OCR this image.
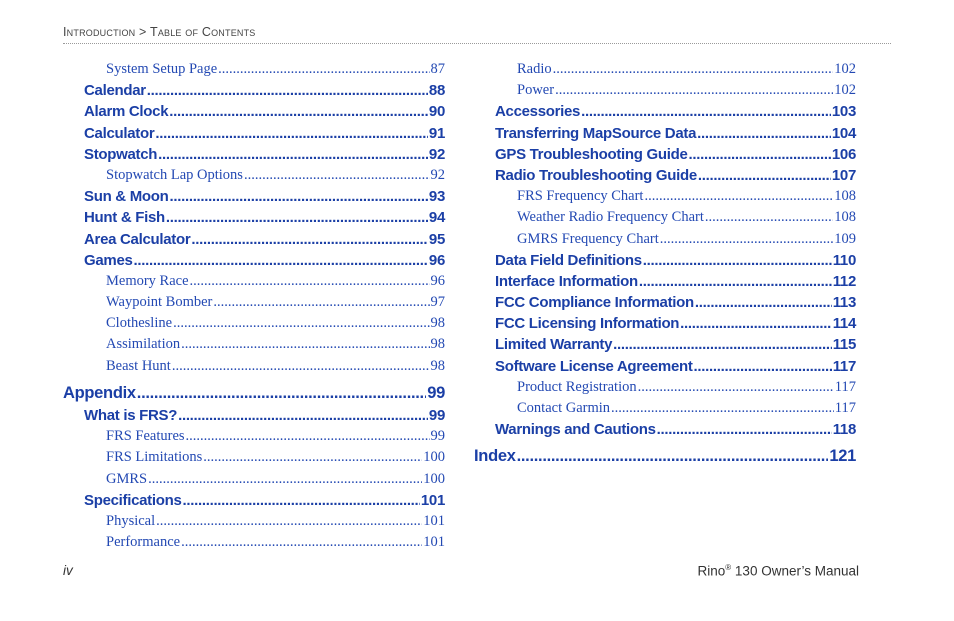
Introduction > Table of Contents
System Setup Page .....	87
Calendar .....	88
Alarm Clock .....	90
Calculator .....	91
Stopwatch .....	92
Stopwatch Lap Options .....	92
Sun & Moon .....	93
Hunt & Fish .....	94
Area Calculator .....	95
Games .....	96
Memory Race .....	96
Waypoint Bomber .....	97
Clothesline .....	98
Assimilation .....	98
Beast Hunt .....	98
Appendix .....	99
What is FRS? .....	99
FRS Features .....	99
FRS Limitations .....	100
GMRS .....	100
Specifications .....	101
Physical .....	101
Performance .....	101
Radio .....	102
Power .....	102
Accessories .....	103
Transferring MapSource Data .....	104
GPS Troubleshooting Guide .....	106
Radio Troubleshooting Guide .....	107
FRS Frequency Chart .....	108
Weather Radio Frequency Chart .....	108
GMRS Frequency Chart .....	109
Data Field Definitions .....	110
Interface Information .....	112
FCC Compliance Information .....	113
FCC Licensing Information .....	114
Limited Warranty .....	115
Software License Agreement .....	117
Product Registration .....	117
Contact Garmin .....	117
Warnings and Cautions .....	118
Index .....	121
iv	Rino® 130 Owner’s Manual
